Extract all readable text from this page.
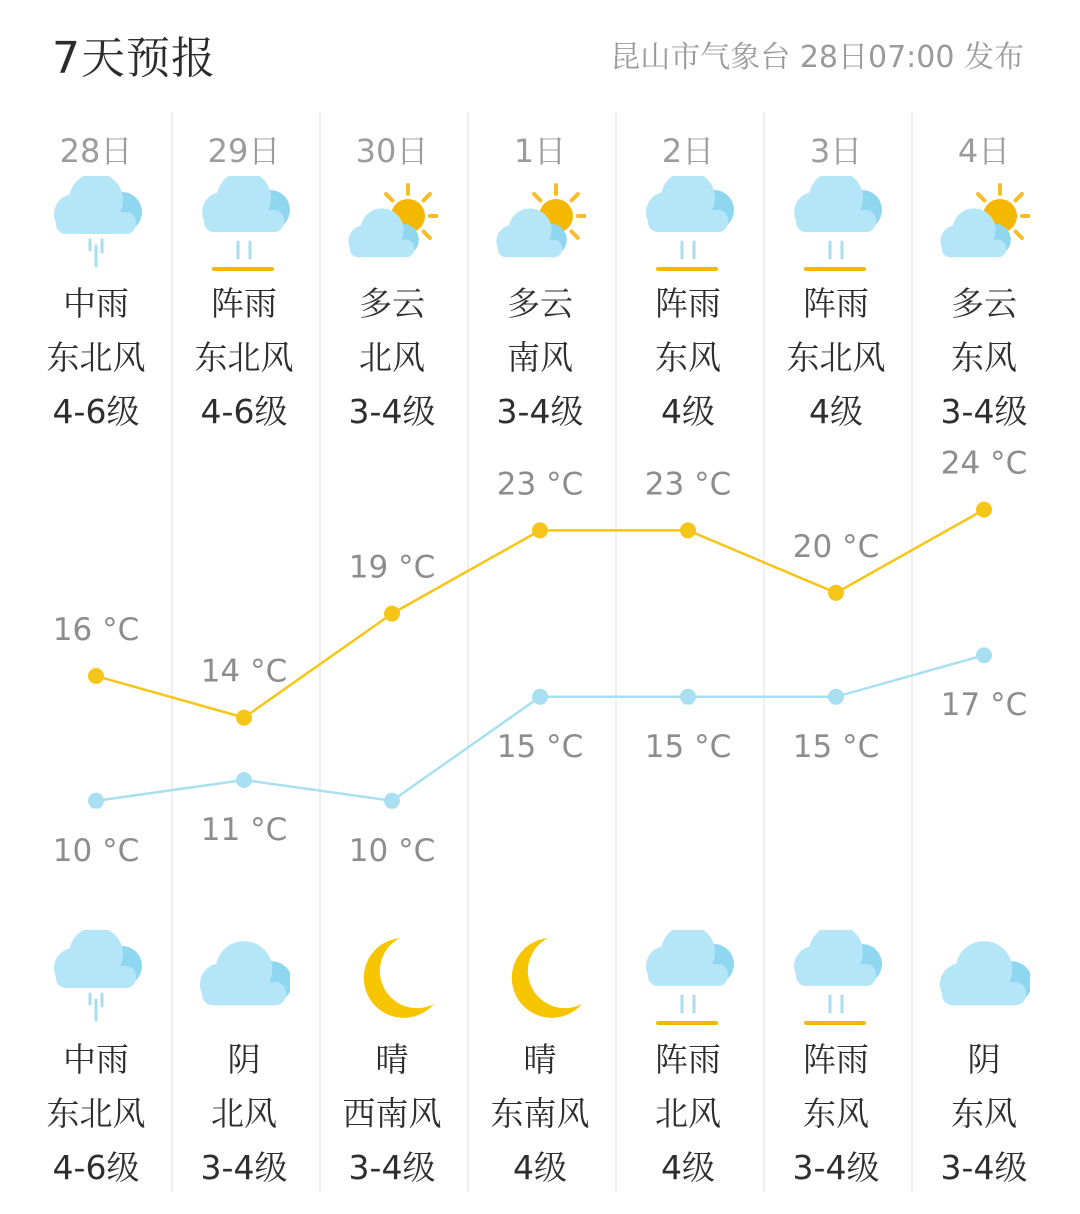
7天预报	昆山市气象台 28日07:00 发布
28日
中雨
东北风
4-6级
中雨
东北风
4-6级
29日
阵雨
东北风
4-6级
阴
北风
3-4级
30日
多云
北风
3-4级
晴
西南风
3-4级
1日
多云
南风
3-4级
晴
东南风
4级
2日
阵雨
东风
4级
阵雨
北风
4级
3日
阵雨
东北风
4级
阵雨
东风
3-4级
4日
多云
东风
3-4级
阴
东风
3-4级
16 °C
14 °C
19 °C
23 °C 23 °C
20 °C
24 °C
10 °C
11 °C
10 °C
15 °C 15 °C 15 °C
17 °C
